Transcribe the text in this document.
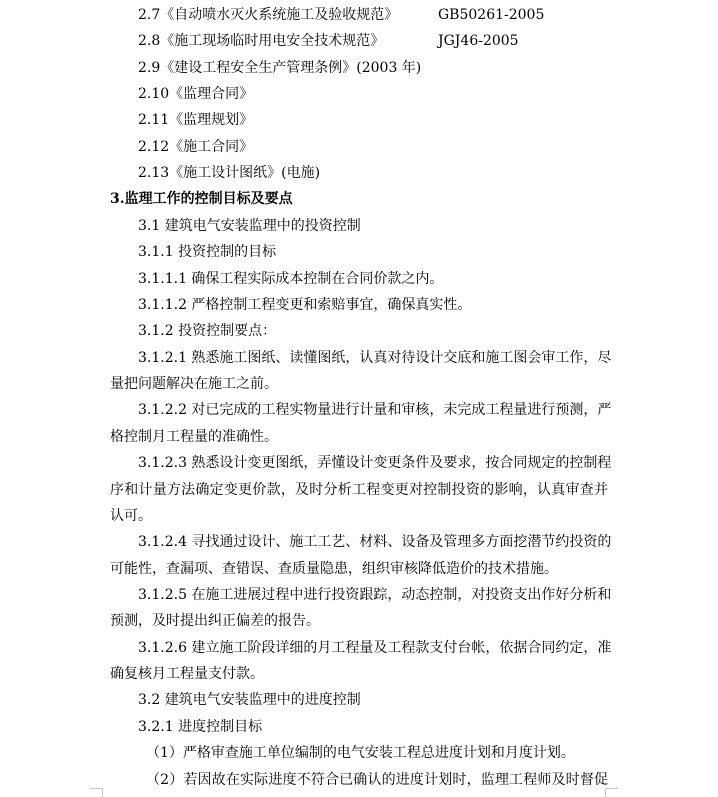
2.7《自动喷水灭火系统施工及验收规范》	GB50261-2005
2.8《施工现场临时用电安全技术规范》	JGJ46-2005
2.9《建设工程安全生产管理条例》(2003 年)
2.10《监理合同》
2.11《监理规划》
2.12《施工合同》
2.13《施工设计图纸》(电施)
3.监理工作的控制目标及要点
3.1 建筑电气安装监理中的投资控制
3.1.1 投资控制的目标
3.1.1.1 确保工程实际成本控制在合同价款之内。
3.1.1.2 严格控制工程变更和索赔事宜，确保真实性。
3.1.2 投资控制要点：
3.1.2.1 熟悉施工图纸、读懂图纸，认真对待设计交底和施工图会审工作，尽
量把问题解决在施工之前。
3.1.2.2 对已完成的工程实物量进行计量和审核，未完成工程量进行预测，严
格控制月工程量的准确性。
3.1.2.3 熟悉设计变更图纸，弄懂设计变更条件及要求，按合同规定的控制程
序和计量方法确定变更价款，及时分析工程变更对控制投资的影响，认真审查并
认可。
3.1.2.4 寻找通过设计、施工工艺、材料、设备及管理多方面挖潜节约投资的
可能性，查漏项、查错误、查质量隐患，组织审核降低造价的技术措施。
3.1.2.5 在施工进展过程中进行投资跟踪，动态控制，对投资支出作好分析和
预测，及时提出纠正偏差的报告。
3.1.2.6 建立施工阶段详细的月工程量及工程款支付台帐，依据合同约定，准
确复核月工程量支付款。
3.2 建筑电气安装监理中的进度控制
3.2.1 进度控制目标
（1）严格审查施工单位编制的电气安装工程总进度计划和月度计划。
（2）若因故在实际进度不符合已确认的进度计划时，监理工程师及时督促
